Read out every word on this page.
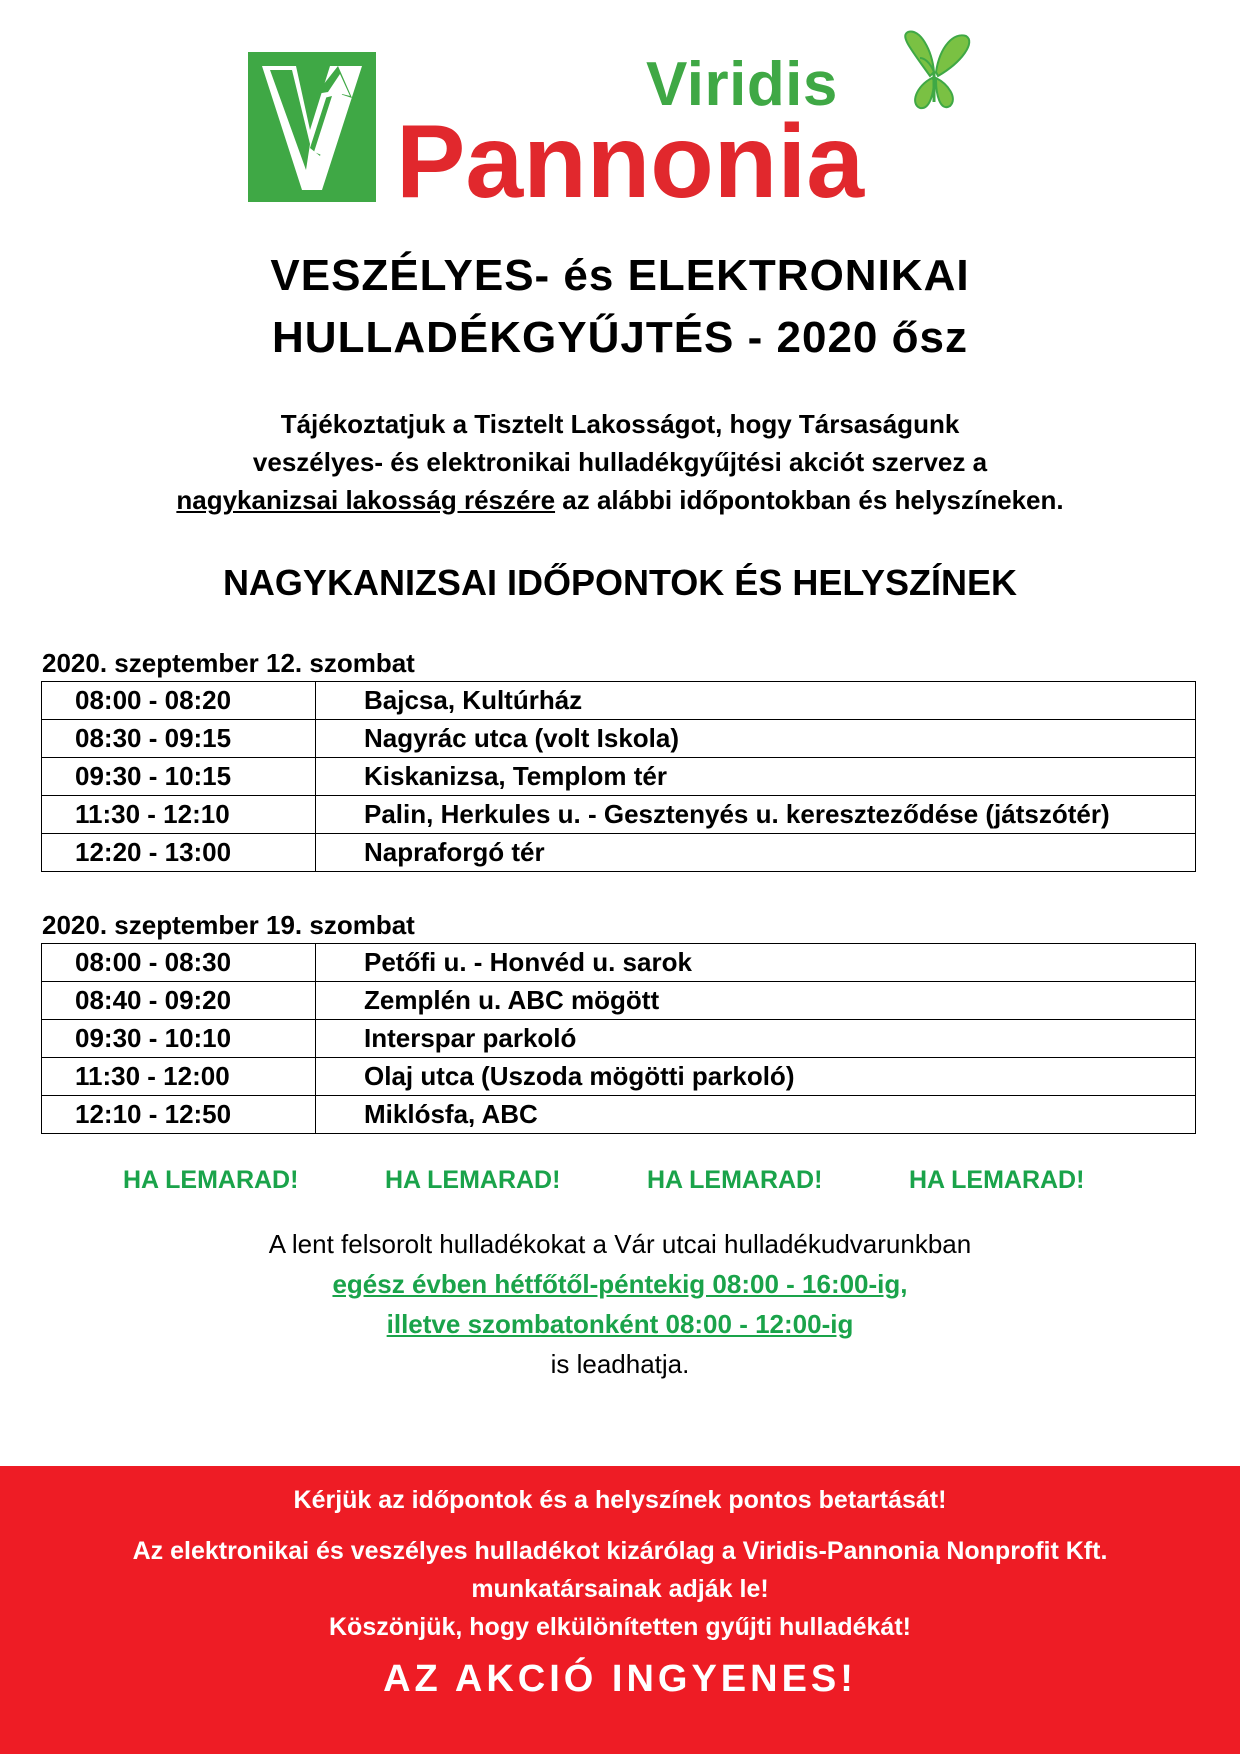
Viridis
Pannonia
VESZÉLYES- és ELEKTRONIKAI
HULLADÉKGYŰJTÉS - 2020 ősz
Tájékoztatjuk a Tisztelt Lakosságot, hogy Társaságunk
veszélyes- és elektronikai hulladékgyűjtési akciót szervez a
nagykanizsai lakosság részére az alábbi időpontokban és helyszíneken.
NAGYKANIZSAI IDŐPONTOK ÉS HELYSZÍNEK
2020. szeptember 12. szombat
08:00 - 08:20	Bajcsa, Kultúrház
08:30 - 09:15	Nagyrác utca (volt Iskola)
09:30 - 10:15	Kiskanizsa, Templom tér
11:30 - 12:10	Palin, Herkules u. - Gesztenyés u. kereszteződése (játszótér)
12:20 - 13:00	Napraforgó tér
2020. szeptember 19. szombat
08:00 - 08:30	Petőfi u. - Honvéd u. sarok
08:40 - 09:20	Zemplén u. ABC mögött
09:30 - 10:10	Interspar parkoló
11:30 - 12:00	Olaj utca (Uszoda mögötti parkoló)
12:10 - 12:50	Miklósfa, ABC
HA LEMARAD!	HA LEMARAD!	HA LEMARAD!	HA LEMARAD!
A lent felsorolt hulladékokat a Vár utcai hulladékudvarunkban
egész évben hétfőtől-péntekig 08:00 - 16:00-ig,
illetve szombatonként 08:00 - 12:00-ig
is leadhatja.
Kérjük az időpontok és a helyszínek pontos betartását!
Az elektronikai és veszélyes hulladékot kizárólag a Viridis-Pannonia Nonprofit Kft.
munkatársainak adják le!
Köszönjük, hogy elkülönítetten gyűjti hulladékát!
AZ AKCIÓ INGYENES!
